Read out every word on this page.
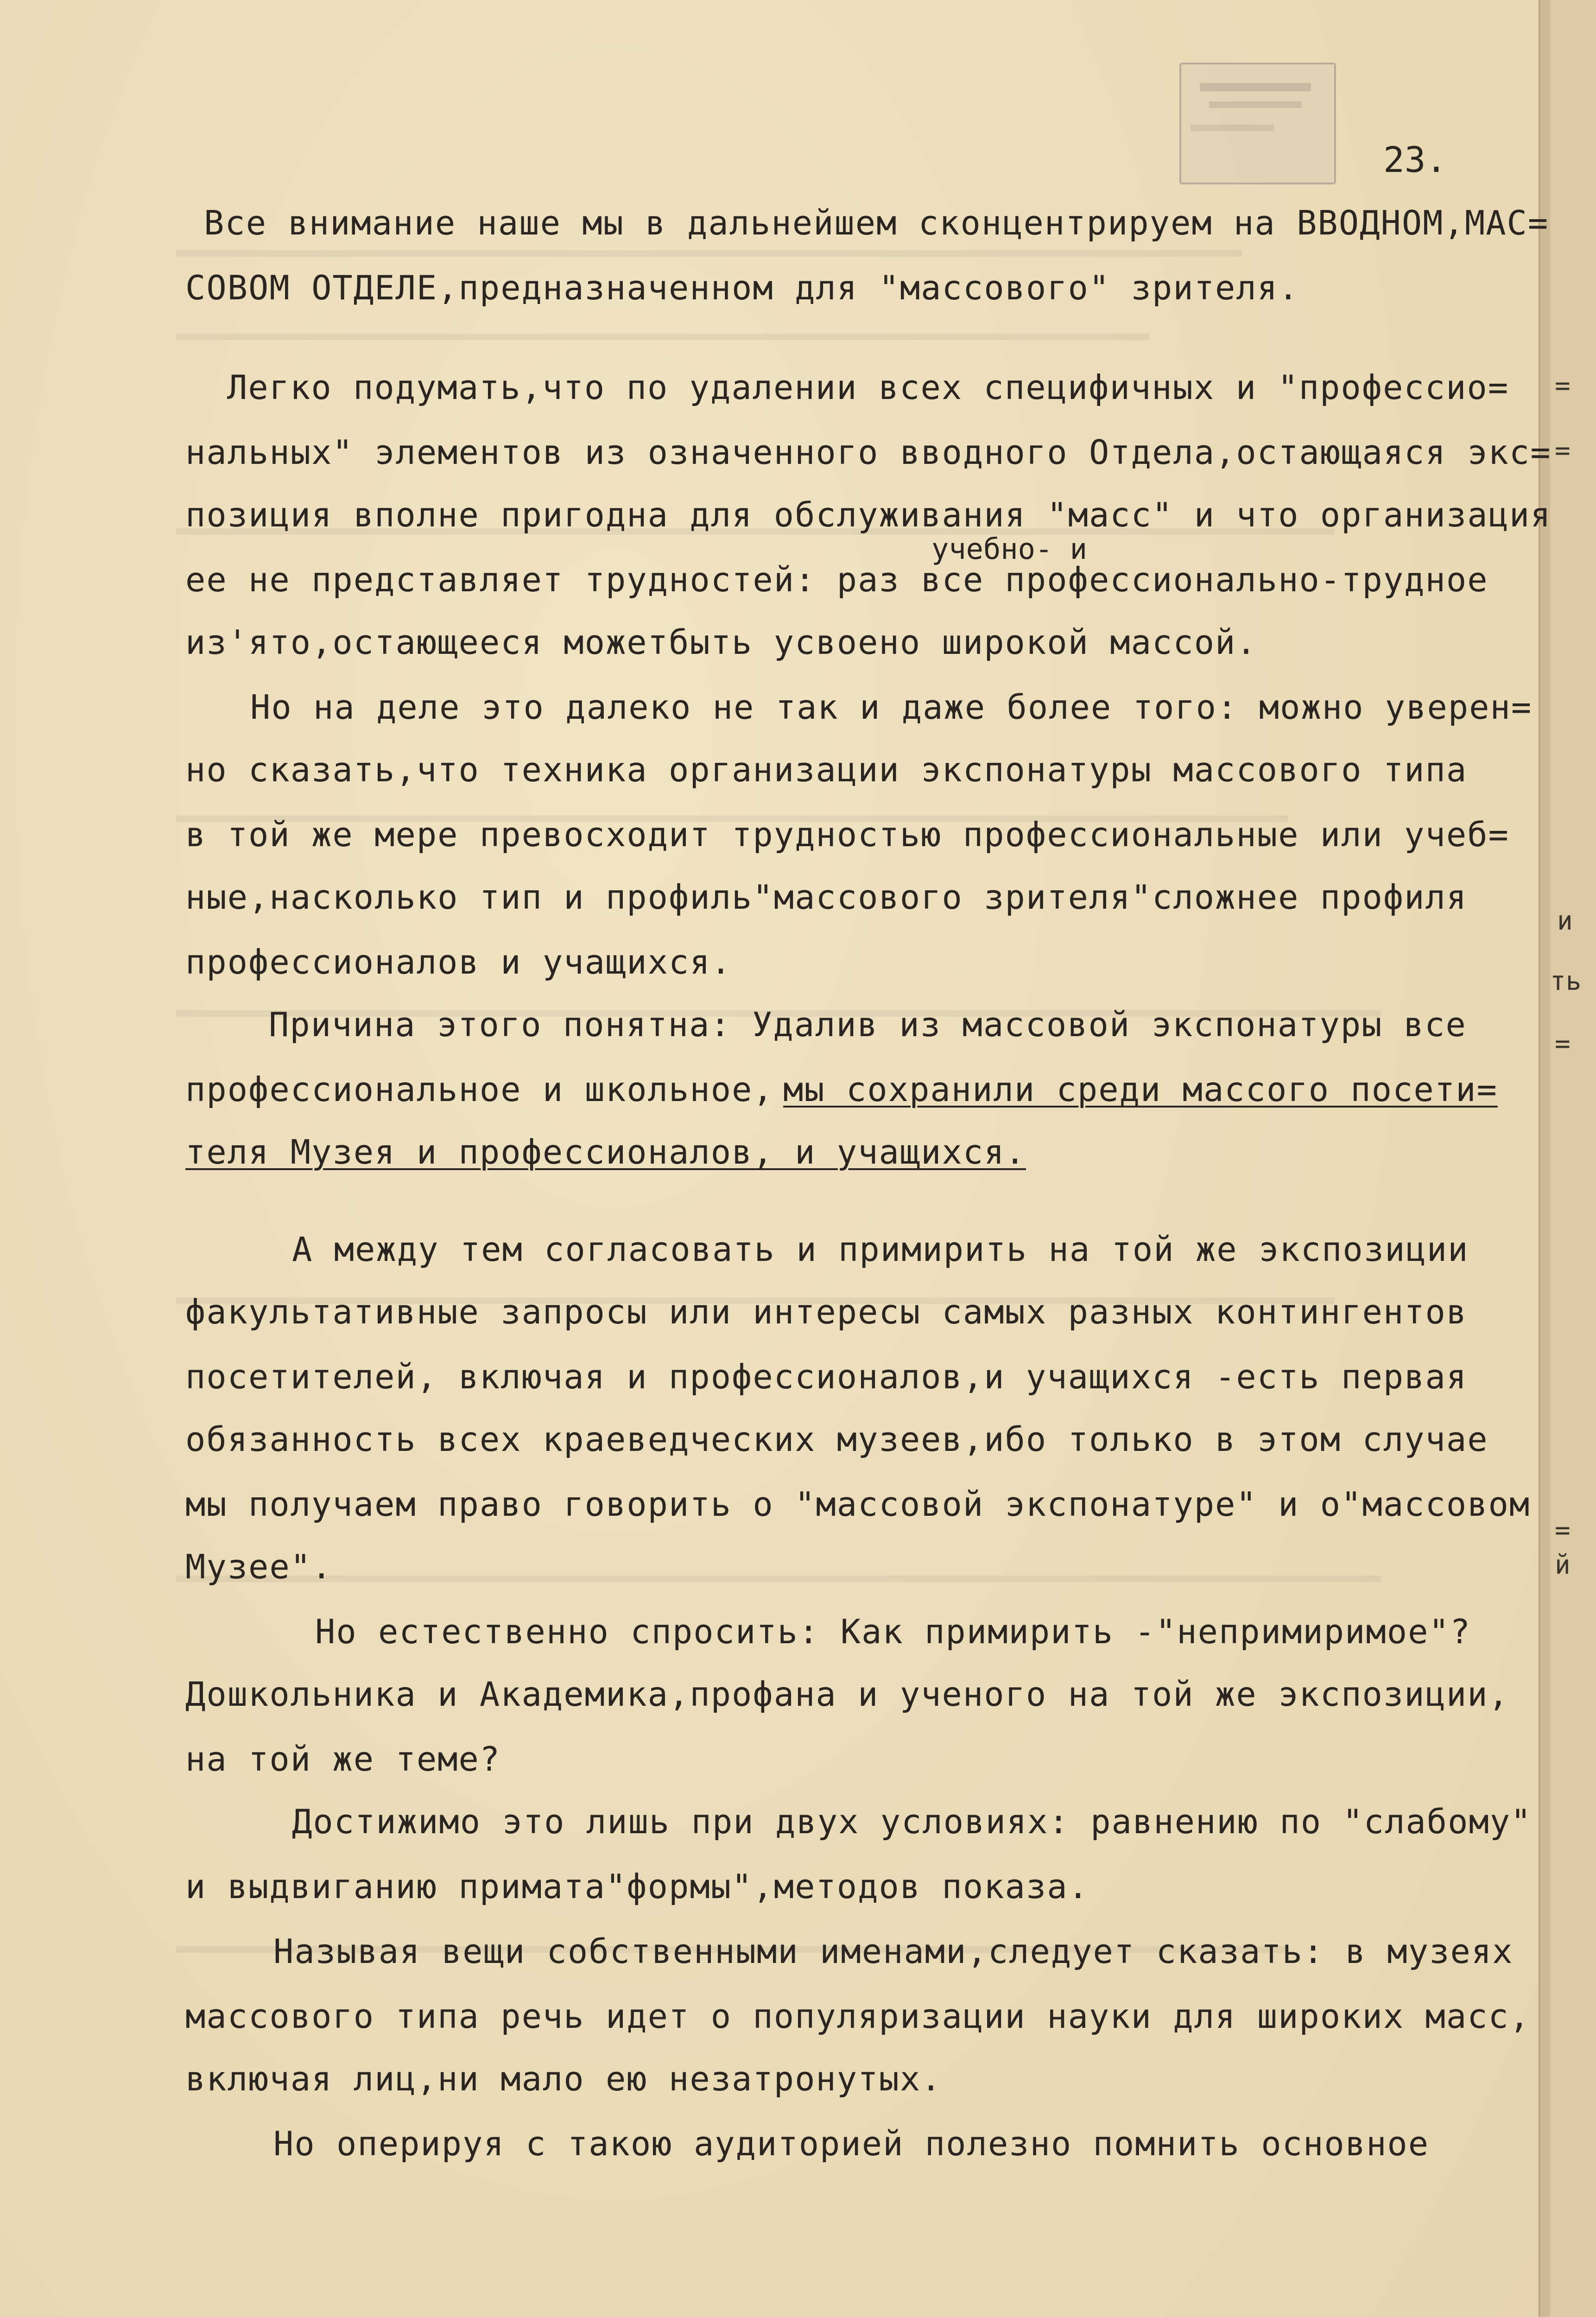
23.
Все внимание наше мы в дальнейшем сконцентрируем на ВВОДНОМ,МАС=
СОВОМ ОТДЕЛЕ,предназначенном для "массового" зрителя.
Легко подумать,что по удалении всех специфичных и "профессио=
нальных" элементов из означенного вводного Отдела,остающаяся экс=
позиция вполне пригодна для обслуживания "масс" и что организация
учебно- и
ее не представляет трудностей: раз все профессионально-трудное
из'ято,остающееся можетбыть усвоено широкой массой.
Но на деле это далеко не так и даже более того: можно уверен=
но сказать,что техника организации экспонатуры массового типа
в той же мере превосходит трудностью профессиональные или учеб=
ные,насколько тип и профиль"массового зрителя"сложнее профиля
профессионалов и учащихся.
Причина этого понятна: Удалив из массовой экспонатуры все
профессиональное и школьное, мы сохранили среди массого посети=
теля Музея и профессионалов, и учащихся.
А между тем согласовать и примирить на той же экспозиции
факультативные запросы или интересы самых разных контингентов
посетителей, включая и профессионалов,и учащихся -есть первая
обязанность всех краеведческих музеев,ибо только в этом случае
мы получаем право говорить о "массовой экспонатуре" и о"массовом
Музее".
Но естественно спросить: Как примирить -"непримиримое"?
Дошкольника и Академика,профана и ученого на той же экспозиции,
на той же теме?
Достижимо это лишь при двух условиях: равнению по "слабому"
и выдвиганию примата"формы",методов показа.
Называя вещи собственными именами,следует сказать: в музеях
массового типа речь идет о популяризации науки для широких масс,
включая лиц,ни мало ею незатронутых.
Но оперируя с такою аудиторией полезно помнить основное
=
=
и
ть
=
=
й
